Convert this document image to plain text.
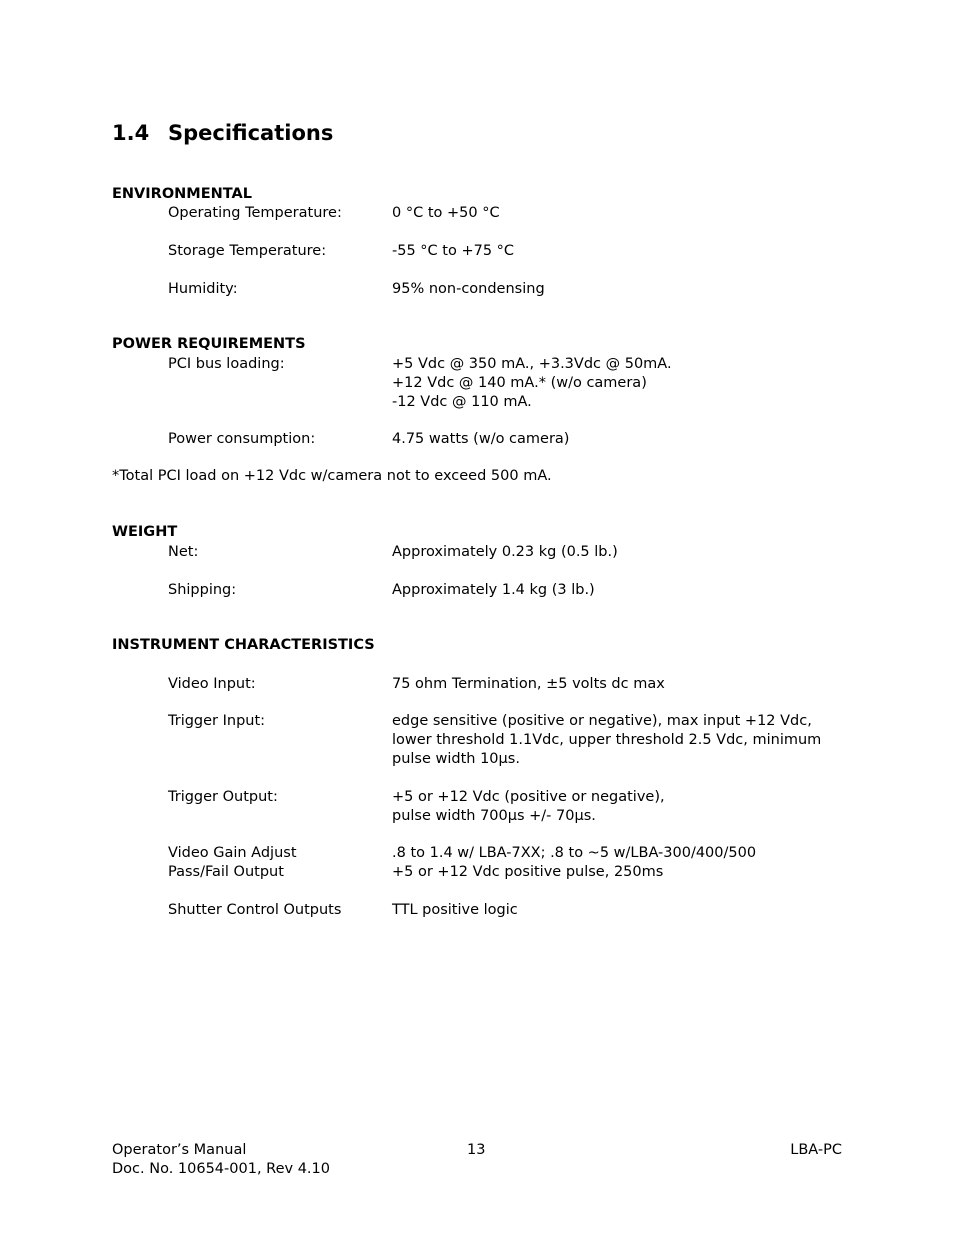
1.4 Specifications
ENVIRONMENTAL
Operating Temperature:	0 °C to +50 °C
Storage Temperature:	-55 °C to +75 °C
Humidity:	95% non-condensing
POWER REQUIREMENTS
PCI bus loading:	+5 Vdc @ 350 mA., +3.3Vdc @ 50mA.
+12 Vdc @ 140 mA.* (w/o camera)
-12 Vdc @ 110 mA.
Power consumption:	4.75 watts (w/o camera)
*Total PCI load on +12 Vdc w/camera not to exceed 500 mA.
WEIGHT
Net:	Approximately 0.23 kg (0.5 lb.)
Shipping:	Approximately 1.4 kg (3 lb.)
INSTRUMENT CHARACTERISTICS
Video Input:	75 ohm Termination, ±5 volts dc max
Trigger Input:	edge sensitive (positive or negative), max input +12 Vdc, lower threshold 1.1Vdc, upper threshold 2.5 Vdc, minimum pulse width 10µs.
Trigger Output:	+5 or +12 Vdc (positive or negative),
pulse width 700µs +/- 70µs.
Video Gain Adjust	.8 to 1.4 w/ LBA-7XX; .8 to ~5 w/LBA-300/400/500
Pass/Fail Output	+5 or +12 Vdc positive pulse, 250ms
Shutter Control Outputs	TTL positive logic
Operator’s Manual
Doc. No. 10654-001, Rev 4.10
13	LBA-PC
